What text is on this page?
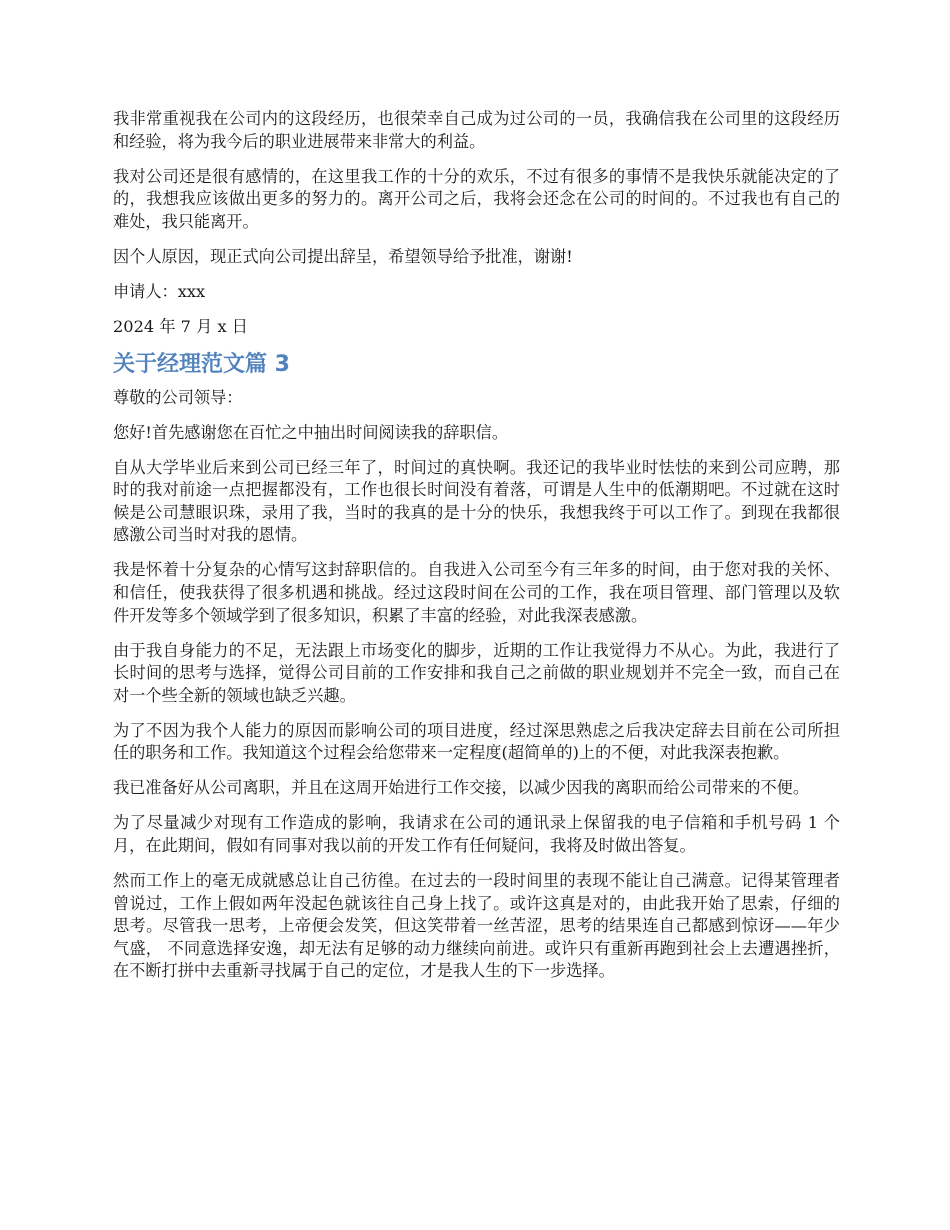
我非常重视我在公司内的这段经历，也很荣幸自己成为过公司的一员，我确信我在公司里的这段经历和经验，将为我今后的职业进展带来非常大的利益。

我对公司还是很有感情的，在这里我工作的十分的欢乐，不过有很多的事情不是我快乐就能决定的了的，我想我应该做出更多的努力的。离开公司之后，我将会还念在公司的时间的。不过我也有自己的难处，我只能离开。

因个人原因，现正式向公司提出辞呈，希望领导给予批准，谢谢!

申请人：xxx

2024 年 7 月 x 日

关于经理范文篇 3

尊敬的公司领导：

您好!首先感谢您在百忙之中抽出时间阅读我的辞职信。

自从大学毕业后来到公司已经三年了，时间过的真快啊。我还记的我毕业时怯怯的来到公司应聘，那时的我对前途一点把握都没有，工作也很长时间没有着落，可谓是人生中的低潮期吧。不过就在这时候是公司慧眼识珠，录用了我，当时的我真的是十分的快乐，我想我终于可以工作了。到现在我都很感激公司当时对我的恩情。

我是怀着十分复杂的心情写这封辞职信的。自我进入公司至今有三年多的时间，由于您对我的关怀、和信任，使我获得了很多机遇和挑战。经过这段时间在公司的工作，我在项目管理、部门管理以及软件开发等多个领域学到了很多知识，积累了丰富的经验，对此我深表感激。

由于我自身能力的不足，无法跟上市场变化的脚步，近期的工作让我觉得力不从心。为此，我进行了长时间的思考与选择，觉得公司目前的工作安排和我自己之前做的职业规划并不完全一致，而自己在对一个些全新的领域也缺乏兴趣。

为了不因为我个人能力的原因而影响公司的项目进度，经过深思熟虑之后我决定辞去目前在公司所担任的职务和工作。我知道这个过程会给您带来一定程度(超简单的)上的不便，对此我深表抱歉。

我已准备好从公司离职，并且在这周开始进行工作交接，以减少因我的离职而给公司带来的不便。

为了尽量减少对现有工作造成的影响，我请求在公司的通讯录上保留我的电子信箱和手机号码 1 个月，在此期间，假如有同事对我以前的开发工作有任何疑问，我将及时做出答复。

然而工作上的毫无成就感总让自己彷徨。在过去的一段时间里的表现不能让自己满意。记得某管理者曾说过，工作上假如两年没起色就该往自己身上找了。或许这真是对的，由此我开始了思索，仔细的思考。尽管我一思考，上帝便会发笑，但这笑带着一丝苦涩，思考的结果连自己都感到惊讶——年少气盛， 不同意选择安逸，却无法有足够的动力继续向前进。或许只有重新再跑到社会上去遭遇挫折，在不断打拼中去重新寻找属于自己的定位，才是我人生的下一步选择。
